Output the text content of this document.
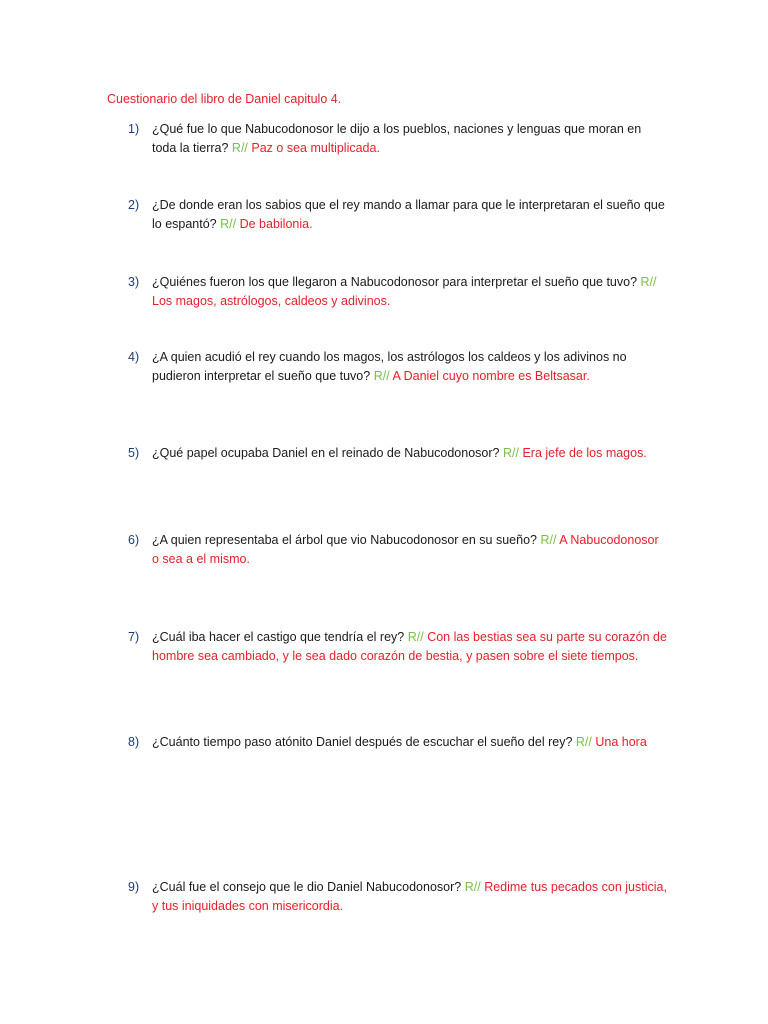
Cuestionario del libro de Daniel capitulo 4.
1) ¿Qué fue lo que Nabucodonosor le dijo a los pueblos, naciones y lenguas que moran en toda la tierra? R// Paz o sea multiplicada.
2) ¿De donde eran los sabios que el rey mando a llamar para que le interpretaran el sueño que lo espantó? R// De babilonia.
3) ¿Quiénes fueron los que llegaron a Nabucodonosor para interpretar el sueño que tuvo? R// Los magos, astrólogos, caldeos y adivinos.
4) ¿A quien acudió el rey cuando los magos, los astrólogos los caldeos y los adivinos no pudieron interpretar el sueño que tuvo? R// A Daniel cuyo nombre es Beltsasar.
5) ¿Qué papel ocupaba Daniel en el reinado de Nabucodonosor? R// Era jefe de los magos.
6) ¿A quien representaba el árbol que vio Nabucodonosor en su sueño? R// A Nabucodonosor o sea a el mismo.
7) ¿Cuál iba hacer el castigo que tendría el rey? R// Con las bestias sea su parte su corazón de hombre sea cambiado, y le sea dado corazón de bestia, y pasen sobre el siete tiempos.
8) ¿Cuánto tiempo paso atónito Daniel después de escuchar el sueño del rey? R// Una hora
9) ¿Cuál fue el consejo que le dio Daniel Nabucodonosor? R// Redime tus pecados con justicia, y tus iniquidades con misericordia.
